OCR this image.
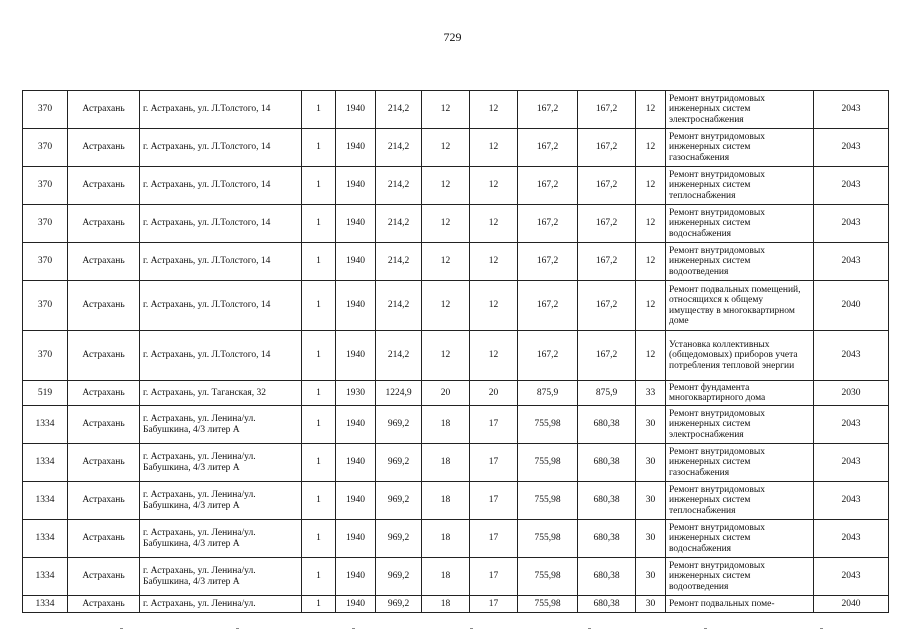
729
370	Астрахань	г. Астрахань, ул. Л.Толстого, 14	1	1940	214,2	12	12	167,2	167,2	12	Ремонт внутридомовых инженерных систем электроснабжения	2043
370	Астрахань	г. Астрахань, ул. Л.Толстого, 14	1	1940	214,2	12	12	167,2	167,2	12	Ремонт внутридомовых инженерных систем газоснабжения	2043
370	Астрахань	г. Астрахань, ул. Л.Толстого, 14	1	1940	214,2	12	12	167,2	167,2	12	Ремонт внутридомовых инженерных систем теплоснабжения	2043
370	Астрахань	г. Астрахань, ул. Л.Толстого, 14	1	1940	214,2	12	12	167,2	167,2	12	Ремонт внутридомовых инженерных систем водоснабжения	2043
370	Астрахань	г. Астрахань, ул. Л.Толстого, 14	1	1940	214,2	12	12	167,2	167,2	12	Ремонт внутридомовых инженерных систем водоотведения	2043
370	Астрахань	г. Астрахань, ул. Л.Толстого, 14	1	1940	214,2	12	12	167,2	167,2	12	Ремонт подвальных помещений, относящихся к общему имуществу в многоквартирном доме	2040
370	Астрахань	г. Астрахань, ул. Л.Толстого, 14	1	1940	214,2	12	12	167,2	167,2	12	Установка коллективных (общедомовых) приборов учета потребления тепловой энергии	2043
519	Астрахань	г. Астрахань, ул. Таганская, 32	1	1930	1224,9	20	20	875,9	875,9	33	Ремонт фундамента многоквартирного дома	2030
1334	Астрахань	г. Астрахань, ул. Ленина/ул. Бабушкина, 4/3 литер А	1	1940	969,2	18	17	755,98	680,38	30	Ремонт внутридомовых инженерных систем электроснабжения	2043
1334	Астрахань	г. Астрахань, ул. Ленина/ул. Бабушкина, 4/3 литер А	1	1940	969,2	18	17	755,98	680,38	30	Ремонт внутридомовых инженерных систем газоснабжения	2043
1334	Астрахань	г. Астрахань, ул. Ленина/ул. Бабушкина, 4/3 литер А	1	1940	969,2	18	17	755,98	680,38	30	Ремонт внутридомовых инженерных систем теплоснабжения	2043
1334	Астрахань	г. Астрахань, ул. Ленина/ул. Бабушкина, 4/3 литер А	1	1940	969,2	18	17	755,98	680,38	30	Ремонт внутридомовых инженерных систем водоснабжения	2043
1334	Астрахань	г. Астрахань, ул. Ленина/ул. Бабушкина, 4/3 литер А	1	1940	969,2	18	17	755,98	680,38	30	Ремонт внутридомовых инженерных систем водоотведения	2043
1334	Астрахань	г. Астрахань, ул. Ленина/ул.	1	1940	969,2	18	17	755,98	680,38	30	Ремонт подвальных поме-	2040
